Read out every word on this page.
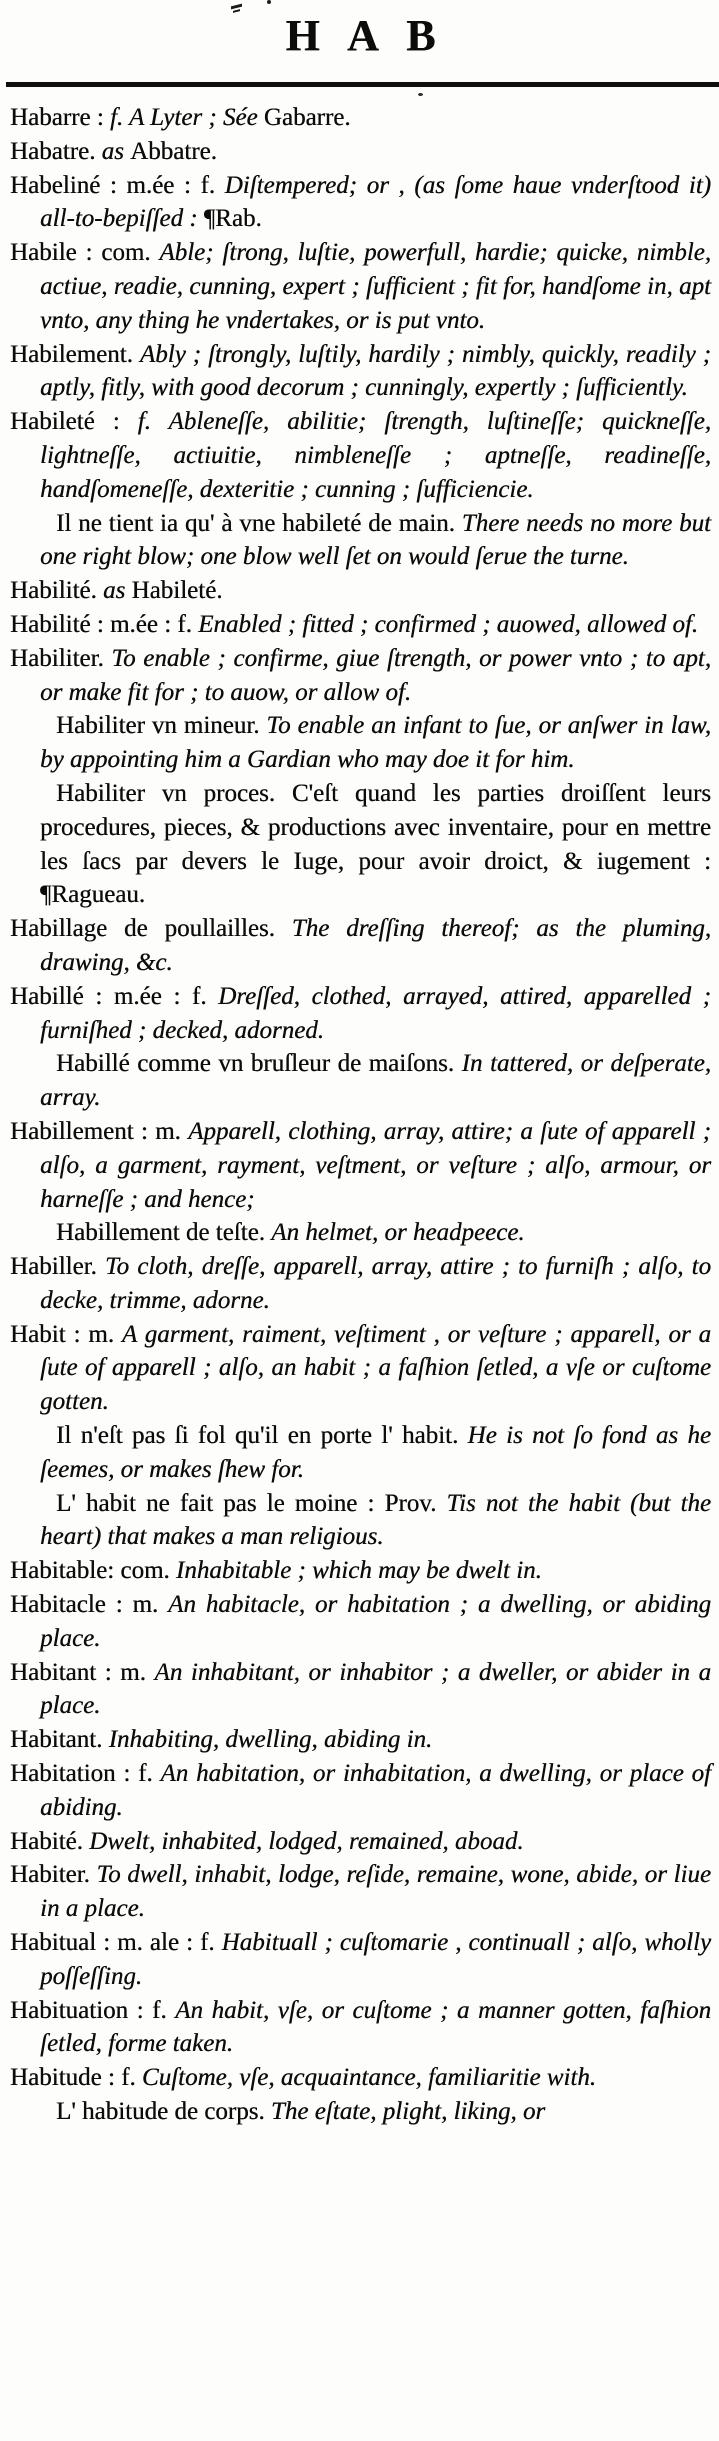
HAB

Habarre : f. A Lyter ; Sée Gabarre.

Habatre. as Abbatre.

Habeliné : m.ée : f. Diſtempered; or , (as ſome haue vnderſtood it) all-to-bepiſſed : ¶Rab.

Habile : com. Able; ſtrong, luſtie, powerfull, hardie; quicke, nimble, actiue, readie, cunning, expert ; ſufficient ; fit for, handſome in, apt vnto, any thing he vndertakes, or is put vnto.

Habilement. Ably ; ſtrongly, luſtily, hardily ; nimbly, quickly, readily ; aptly, fitly, with good decorum ; cunningly, expertly ; ſufficiently.

Habileté : f. Ableneſſe, abilitie; ſtrength, luſtineſſe; quickneſſe, lightneſſe, actiuitie, nimbleneſſe ; aptneſſe, readineſſe, handſomeneſſe, dexteritie ; cunning ; ſufficiencie.

Il ne tient ia qu' à vne habileté de main. There needs no more but one right blow; one blow well ſet on would ſerue the turne.

Habilité. as Habileté.

Habilité : m.ée : f. Enabled ; fitted ; confirmed ; auowed, allowed of.

Habiliter. To enable ; confirme, giue ſtrength, or power vnto ; to apt, or make fit for ; to auow, or allow of.

Habiliter vn mineur. To enable an infant to ſue, or anſwer in law, by appointing him a Gardian who may doe it for him.

Habiliter vn proces. C'eſt quand les parties droiſſent leurs procedures, pieces, & productions avec inventaire, pour en mettre les ſacs par devers le Iuge, pour avoir droict, & iugement : ¶Ragueau.

Habillage de poullailles. The dreſſing thereof; as the pluming, drawing, &c.

Habillé : m.ée : f. Dreſſed, clothed, arrayed, attired, apparelled ; furniſhed ; decked, adorned.

Habillé comme vn bruſleur de maiſons. In tattered, or deſperate, array.

Habillement : m. Apparell, clothing, array, attire; a ſute of apparell ; alſo, a garment, rayment, veſtment, or veſture ; alſo, armour, or harneſſe ; and hence;

Habillement de teſte. An helmet, or headpeece.

Habiller. To cloth, dreſſe, apparell, array, attire ; to furniſh ; alſo, to decke, trimme, adorne.

Habit : m. A garment, raiment, veſtiment , or veſture ; apparell, or a ſute of apparell ; alſo, an habit ; a faſhion ſetled, a vſe or cuſtome gotten.

Il n'eſt pas ſi fol qu'il en porte l' habit. He is not ſo fond as he ſeemes, or makes ſhew for.

L' habit ne fait pas le moine : Prov. Tis not the habit (but the heart) that makes a man religious.

Habitable: com. Inhabitable ; which may be dwelt in.

Habitacle : m. An habitacle, or habitation ; a dwelling, or abiding place.

Habitant : m. An inhabitant, or inhabitor ; a dweller, or abider in a place.

Habitant. Inhabiting, dwelling, abiding in.

Habitation : f. An habitation, or inhabitation, a dwelling, or place of abiding.

Habité. Dwelt, inhabited, lodged, remained, aboad.

Habiter. To dwell, inhabit, lodge, reſide, remaine, wone, abide, or liue in a place.

Habitual : m. ale : f. Habituall ; cuſtomarie , continuall ; alſo, wholly poſſeſſing.

Habituation : f. An habit, vſe, or cuſtome ; a manner gotten, faſhion ſetled, forme taken.

Habitude : f. Cuſtome, vſe, acquaintance, familiaritie with.

L' habitude de corps. The eſtate, plight, liking, or
